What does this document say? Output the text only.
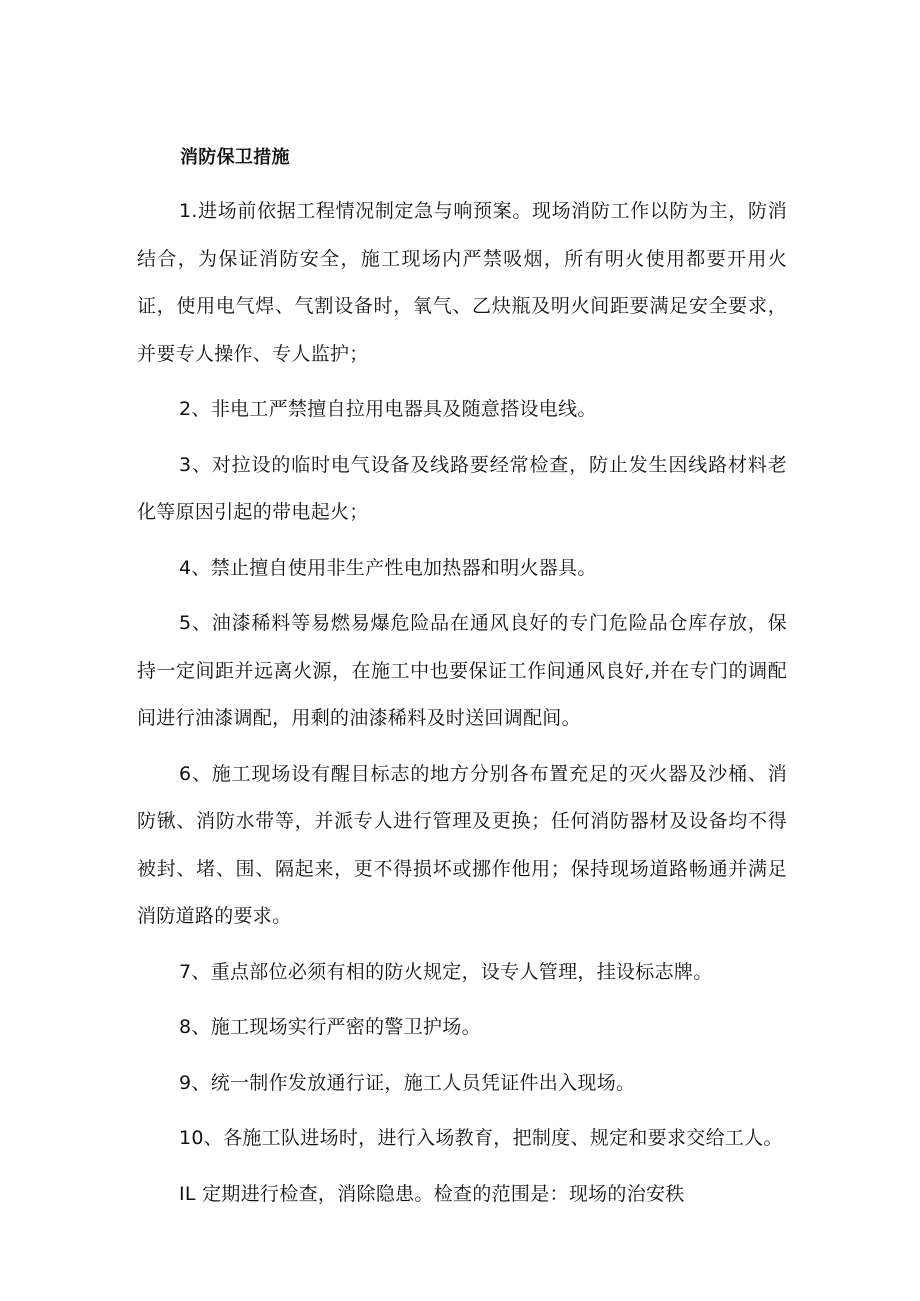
消防保卫措施

1.进场前依据工程情况制定急与响预案。现场消防工作以防为主，防消结合，为保证消防安全，施工现场内严禁吸烟，所有明火使用都要开用火证，使用电气焊、气割设备时，氧气、乙炔瓶及明火间距要满足安全要求，并要专人操作、专人监护；

2、非电工严禁擅自拉用电器具及随意搭设电线。

3、对拉设的临时电气设备及线路要经常检查，防止发生因线路材料老化等原因引起的带电起火；

4、禁止擅自使用非生产性电加热器和明火器具。

5、油漆稀料等易燃易爆危险品在通风良好的专门危险品仓库存放，保持一定间距并远离火源，在施工中也要保证工作间通风良好,并在专门的调配间进行油漆调配，用剩的油漆稀料及时送回调配间。

6、施工现场设有醒目标志的地方分别各布置充足的灭火器及沙桶、消防锹、消防水带等，并派专人进行管理及更换；任何消防器材及设备均不得被封、堵、围、隔起来，更不得损坏或挪作他用；保持现场道路畅通并满足消防道路的要求。

7、重点部位必须有相的防火规定，设专人管理，挂设标志牌。

8、施工现场实行严密的警卫护场。

9、统一制作发放通行证，施工人员凭证件出入现场。

10、各施工队进场时，进行入场教育，把制度、规定和要求交给工人。

IL 定期进行检查，消除隐患。检查的范围是：现场的治安秩
